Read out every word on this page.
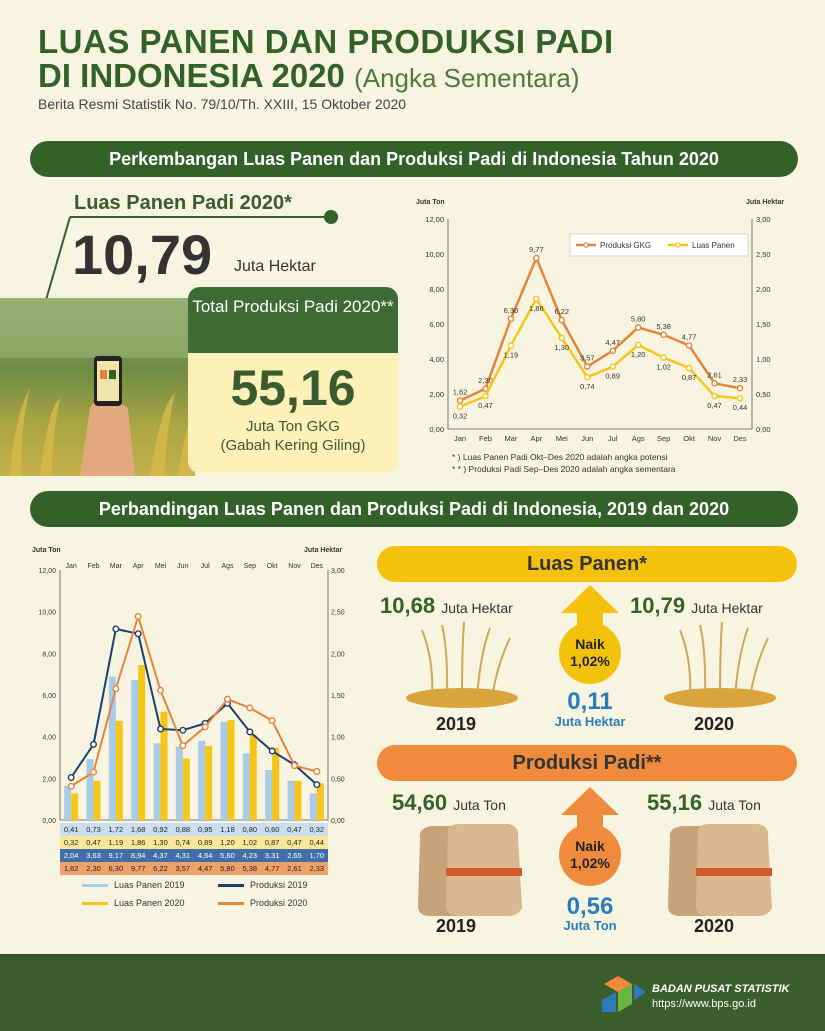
LUAS PANEN DAN PRODUKSI PADI
DI INDONESIA 2020 (Angka Sementara)
Berita Resmi Statistik No. 79/10/Th. XXIII, 15 Oktober 2020
Perkembangan Luas Panen dan Produksi Padi di Indonesia Tahun 2020
Luas Panen Padi 2020*
10,79 Juta Hektar
Total Produksi Padi 2020**
55,16
Juta Ton GKG
(Gabah Kering Giling)
Juta Ton	Juta Hektar
0,00
2,00
4,00
6,00
8,00
10,00
12,00
0,00
0,50
1,00
1,50
2,00
2,50
3,00
Jan Feb Mar Apr Mei Jun Jul Ags Sep Okt Nov Des
1,62
2,30
6,30
9,77
6,22
3,57
4,47
5,80
5,38
4,77
2,61
2,33
0,32
0,47
1,19
1,86
1,30
0,74
0,89
1,20
1,02
0,87
0,47 0,44
Produksi GKG	Luas Panen
* ) Luas Panen Padi Okt–Des 2020 adalah angka potensi
* * ) Produksi Padi Sep–Des 2020 adalah angka sementara
Perbandingan Luas Panen dan Produksi Padi di Indonesia, 2019 dan 2020
Juta Ton	Juta Hektar
0,00
2,00
4,00
6,00
8,00
10,00
12,00
0,00
0,50
1,00
1,50
2,00
2,50
3,00
Jan Feb Mar Apr Mei Jun Jul Ags Sep Okt Nov Des
0,41	0,73	1,72	1,68	0,92	0,88	0,95	1,18	0,80	0,60	0,47	0,32
0,32	0,47	1,19	1,86	1,30	0,74	0,89	1,20	1,02	0,87	0,47	0,44
2,04	3,63	9,17	8,94	4,37	4,31	4,64	5,60	4,23	3,31	2,65	1,70
1,62	2,30	6,30	9,77	6,22	3,57	4,47	5,80	5,38	4,77	2,61	2,33
Luas Panen 2019
Luas Panen 2020
Produksi 2019
Produksi 2020
Luas Panen*
10,68 Juta Hektar	10,79 Juta Hektar
Naik
1,02%
0,11
Juta Hektar
2019	2020
Produksi Padi**
54,60 Juta Ton	55,16 Juta Ton
Naik
1,02%
0,56
Juta Ton
2019	2020
BADAN PUSAT STATISTIK
https://www.bps.go.id
